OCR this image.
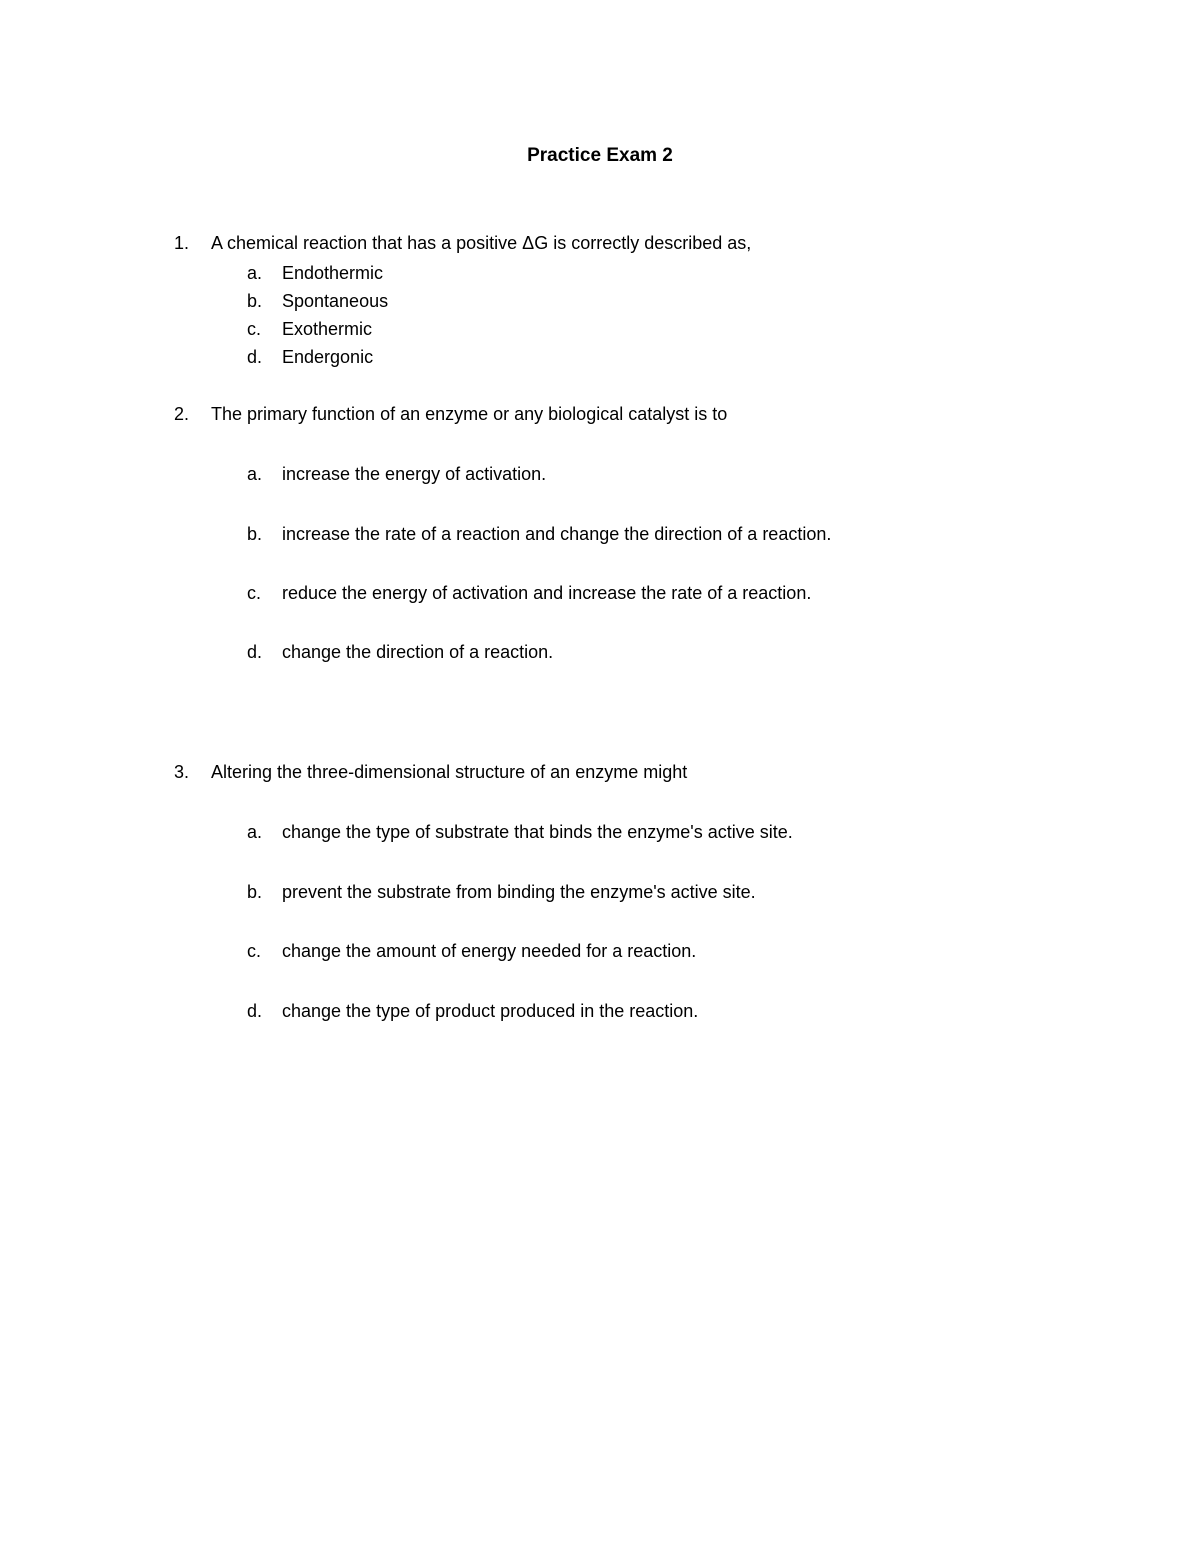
Practice Exam 2
1.	A chemical reaction that has a positive ΔG is correctly described as,
a.	Endothermic
b.	Spontaneous
c.	Exothermic
d.	Endergonic
2.	The primary function of an enzyme or any biological catalyst is to
a.	increase the energy of activation.
b.	increase the rate of a reaction and change the direction of a reaction.
c.	reduce the energy of activation and increase the rate of a reaction.
d.	change the direction of a reaction.
3.	Altering the three-dimensional structure of an enzyme might
a.	change the type of substrate that binds the enzyme's active site.
b.	prevent the substrate from binding the enzyme's active site.
c.	change the amount of energy needed for a reaction.
d.	change the type of product produced in the reaction.
